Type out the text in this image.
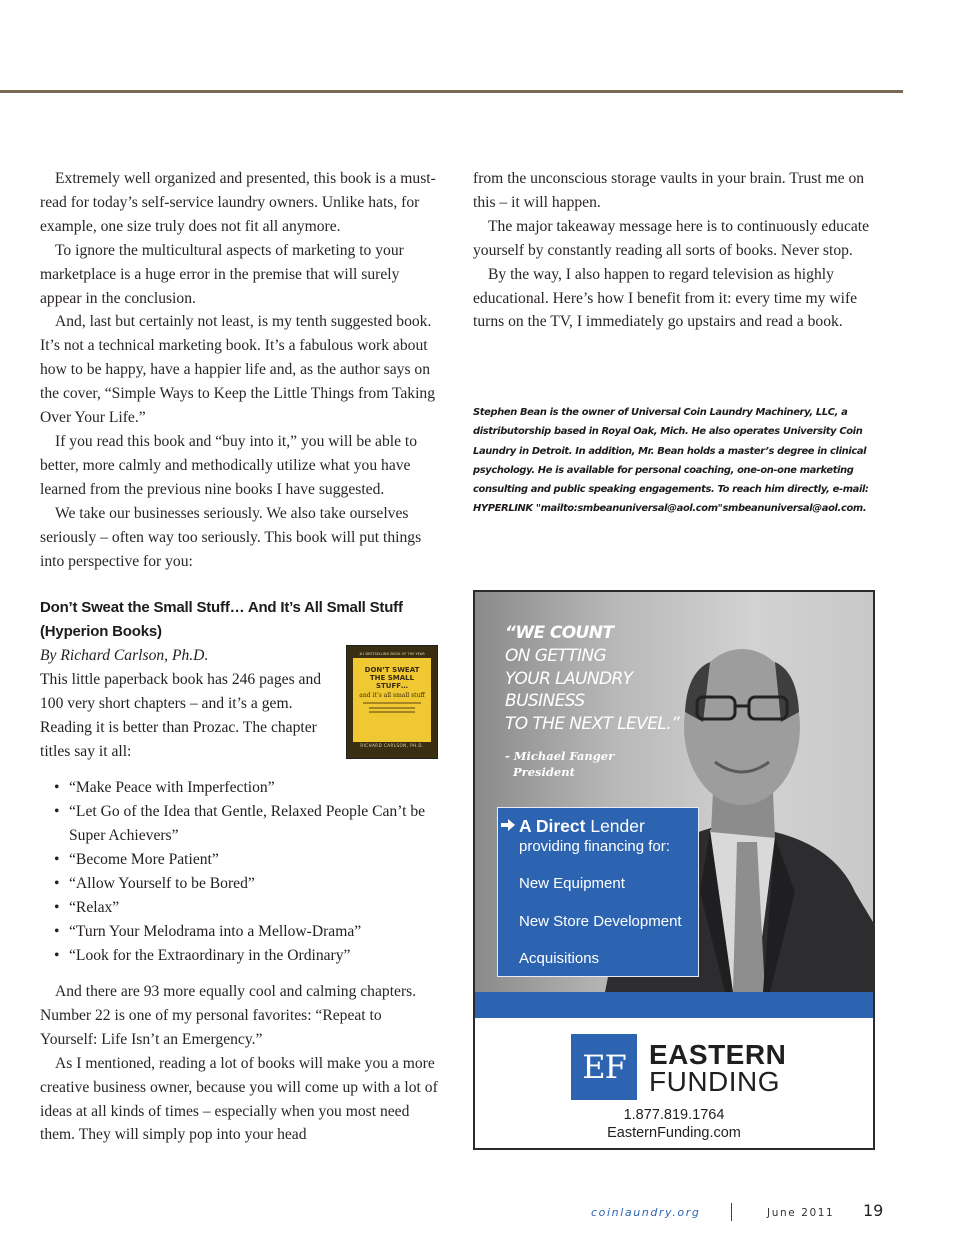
Extremely well organized and presented, this book is a must-read for today’s self-service laundry owners. Unlike hats, for example, one size truly does not fit all anymore.

To ignore the multicultural aspects of marketing to your marketplace is a huge error in the premise that will surely appear in the conclusion.

And, last but certainly not least, is my tenth suggested book. It’s not a technical marketing book. It’s a fabulous work about how to be happy, have a happier life and, as the author says on the cover, “Simple Ways to Keep the Little Things from Taking Over Your Life.”

If you read this book and “buy into it,” you will be able to better, more calmly and methodically utilize what you have learned from the previous nine books I have suggested.

We take our businesses seriously. We also take ourselves seriously – often way too seriously. This book will put things into perspective for you:

Don’t Sweat the Small Stuff… And It’s All Small Stuff

(Hyperion Books)

By Richard Carlson, Ph.D.

This little paperback book has 246 pages and 100 very short chapters – and it’s a gem. Reading it is better than Prozac. The chapter titles say it all:

#1 BESTSELLING BOOK OF THE YEAR
DON’T SWEAT
THE SMALL STUFF…
and it’s all small stuff
RICHARD CARLSON, PH.D.
• “Make Peace with Imperfection”
• “Let Go of the Idea that Gentle, Relaxed People Can’t be Super Achievers”
• “Become More Patient”
• “Allow Yourself to be Bored”
• “Relax”
• “Turn Your Melodrama into a Mellow-Drama”
• “Look for the Extraordinary in the Ordinary”

And there are 93 more equally cool and calming chapters. Number 22 is one of my personal favorites: “Repeat to Yourself: Life Isn’t an Emergency.”

As I mentioned, reading a lot of books will make you a more creative business owner, because you will come up with a lot of ideas at all kinds of times – especially when you most need them. They will simply pop into your head

from the unconscious storage vaults in your brain. Trust me on this – it will happen.

The major takeaway message here is to continuously educate yourself by constantly reading all sorts of books. Never stop.

By the way, I also happen to regard television as highly educational. Here’s how I benefit from it: every time my wife turns on the TV, I immediately go upstairs and read a book.

Stephen Bean is the owner of Universal Coin Laundry Machinery, LLC, a distributorship based in Royal Oak, Mich. He also operates University Coin Laundry in Detroit. In addition, Mr. Bean holds a master’s degree in clinical psychology. He is available for personal coaching, one-on-one marketing consulting and public speaking engagements. To reach him directly, e-mail: HYPERLINK "mailto:smbeanuniversal@aol.com"smbeanuniversal@aol.com.

“WE COUNT
ON GETTING
YOUR LAUNDRY
BUSINESS
TO THE NEXT LEVEL.”
- Michael Fanger
President
A Direct Lender
providing financing for:
New Equipment
New Store Development
Acquisitions
EF EASTERN
FUNDING
1.877.819.1764
EasternFunding.com
coinlaundry.org	June 2011 19
